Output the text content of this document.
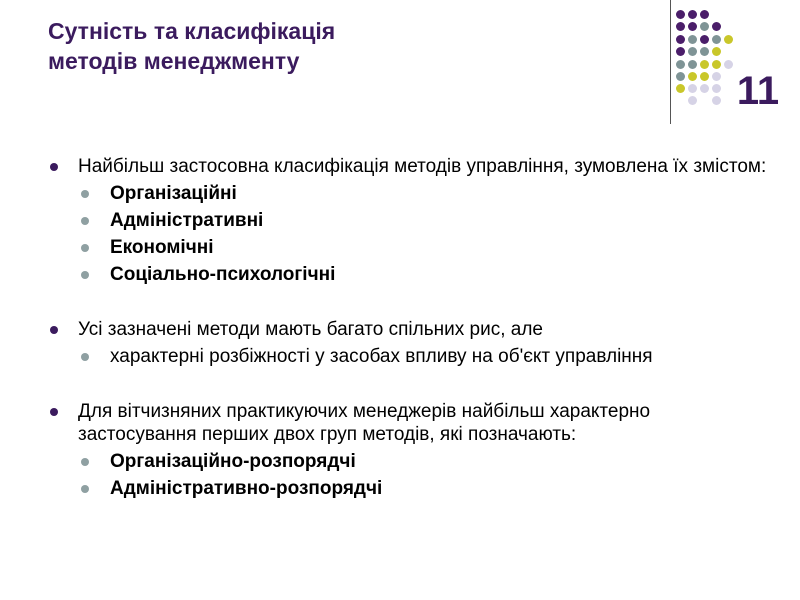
Сутність та класифікація
методів менеджменту
11
Найбільш застосовна класифікація методів управління, зумовлена їх змістом:
Організаційні
Адміністративні
Економічні
Соціально-психологічні
Усі зазначені методи мають багато спільних рис, але
характерні розбіжності у засобах впливу на об'єкт управління
Для вітчизняних практикуючих менеджерів найбільш характерно застосування перших двох груп методів, які позначають:
Організаційно-розпорядчі
Адміністративно-розпорядчі
